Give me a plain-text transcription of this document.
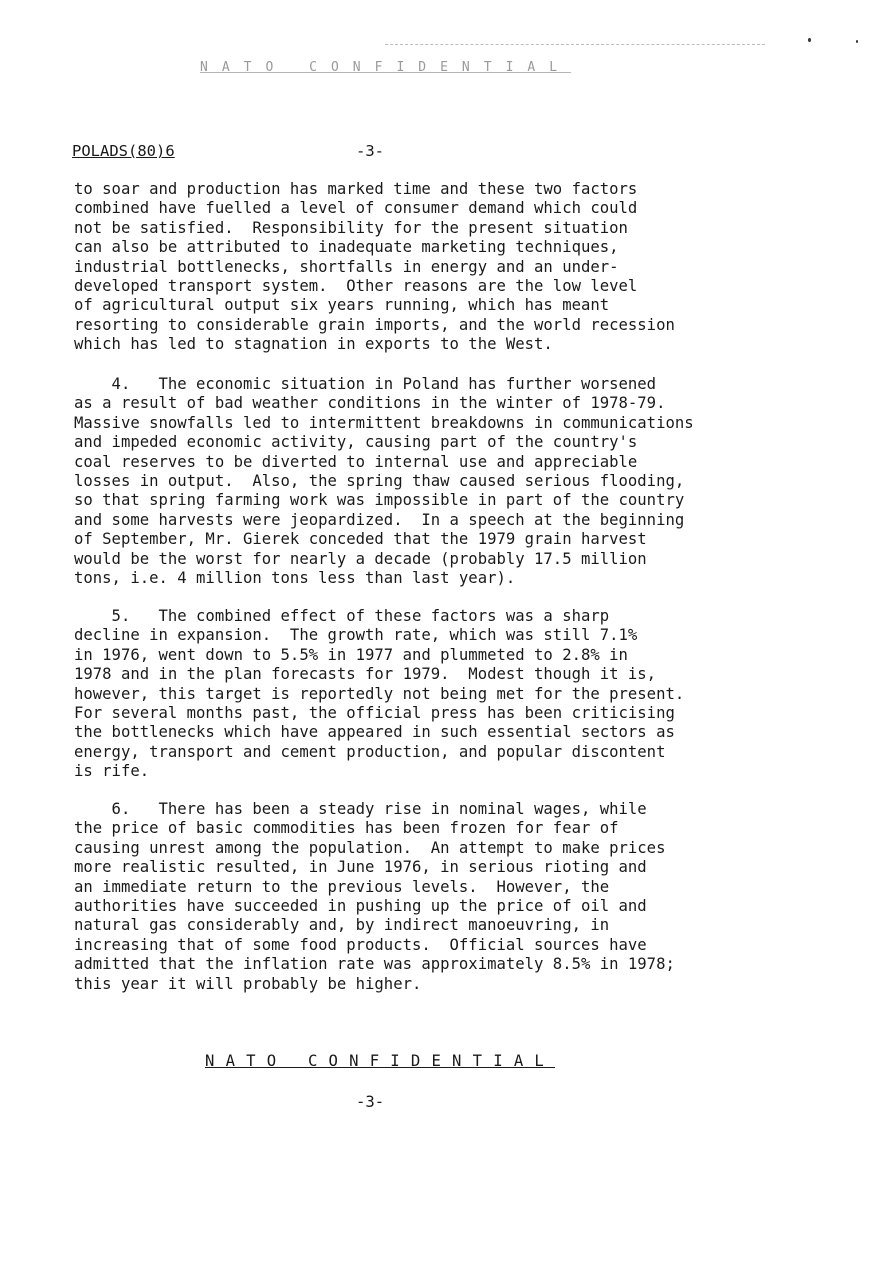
NATO CONFIDENTIAL
POLADS(80)6	-3-
to soar and production has marked time and these two factors
combined have fuelled a level of consumer demand which could
not be satisfied.  Responsibility for the present situation
can also be attributed to inadequate marketing techniques,
industrial bottlenecks, shortfalls in energy and an under-
developed transport system.  Other reasons are the low level
of agricultural output six years running, which has meant
resorting to considerable grain imports, and the world recession
which has led to stagnation in exports to the West.
4.   The economic situation in Poland has further worsened
as a result of bad weather conditions in the winter of 1978-79.
Massive snowfalls led to intermittent breakdowns in communications
and impeded economic activity, causing part of the country's
coal reserves to be diverted to internal use and appreciable
losses in output.  Also, the spring thaw caused serious flooding,
so that spring farming work was impossible in part of the country
and some harvests were jeopardized.  In a speech at the beginning
of September, Mr. Gierek conceded that the 1979 grain harvest
would be the worst for nearly a decade (probably 17.5 million
tons, i.e. 4 million tons less than last year).
5.   The combined effect of these factors was a sharp
decline in expansion.  The growth rate, which was still 7.1%
in 1976, went down to 5.5% in 1977 and plummeted to 2.8% in
1978 and in the plan forecasts for 1979.  Modest though it is,
however, this target is reportedly not being met for the present.
For several months past, the official press has been criticising
the bottlenecks which have appeared in such essential sectors as
energy, transport and cement production, and popular discontent
is rife.
6.   There has been a steady rise in nominal wages, while
the price of basic commodities has been frozen for fear of
causing unrest among the population.  An attempt to make prices
more realistic resulted, in June 1976, in serious rioting and
an immediate return to the previous levels.  However, the
authorities have succeeded in pushing up the price of oil and
natural gas considerably and, by indirect manoeuvring, in
increasing that of some food products.  Official sources have
admitted that the inflation rate was approximately 8.5% in 1978;
this year it will probably be higher.
NATO CONFIDENTIAL
-3-
